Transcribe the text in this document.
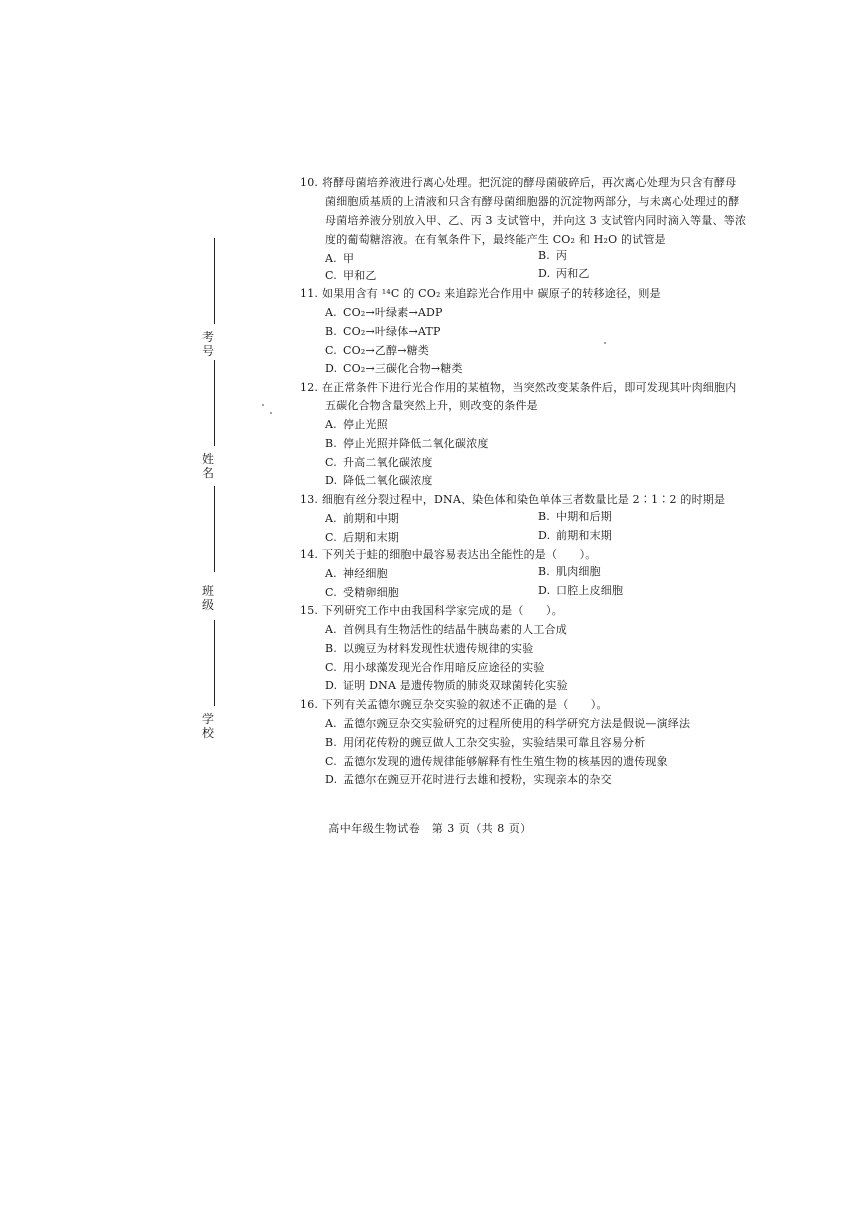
考号
姓名
班级
学校
10. 将酵母菌培养液进行离心处理。把沉淀的酵母菌破碎后，再次离心处理为只含有酵母
菌细胞质基质的上清液和只含有酵母菌细胞器的沉淀物两部分，与未离心处理过的酵
母菌培养液分别放入甲、乙、丙 3 支试管中，并向这 3 支试管内同时滴入等量、等浓
度的葡萄糖溶液。在有氧条件下，最终能产生 CO₂ 和 H₂O 的试管是
A. 甲	B. 丙
C. 甲和乙	D. 丙和乙
11. 如果用含有 ¹⁴C 的 CO₂ 来追踪光合作用中 碳原子的转移途径，则是
A. CO₂→叶绿素→ADP
B. CO₂→叶绿体→ATP
C. CO₂→乙醇→糖类
D. CO₂→三碳化合物→糖类
12. 在正常条件下进行光合作用的某植物，当突然改变某条件后，即可发现其叶肉细胞内
五碳化合物含量突然上升，则改变的条件是
A. 停止光照
B. 停止光照并降低二氧化碳浓度
C. 升高二氧化碳浓度
D. 降低二氧化碳浓度
13. 细胞有丝分裂过程中，DNA、染色体和染色单体三者数量比是 2∶1∶2 的时期是
A. 前期和中期	B. 中期和后期
C. 后期和末期	D. 前期和末期
14. 下列关于蛙的细胞中最容易表达出全能性的是（　　）。
A. 神经细胞	B. 肌肉细胞
C. 受精卵细胞	D. 口腔上皮细胞
15. 下列研究工作中由我国科学家完成的是（　　）。
A. 首例具有生物活性的结晶牛胰岛素的人工合成
B. 以豌豆为材料发现性状遗传规律的实验
C. 用小球藻发现光合作用暗反应途径的实验
D. 证明 DNA 是遗传物质的肺炎双球菌转化实验
16. 下列有关孟德尔豌豆杂交实验的叙述不正确的是（　　）。
A. 孟德尔豌豆杂交实验研究的过程所使用的科学研究方法是假说—演绎法
B. 用闭花传粉的豌豆做人工杂交实验，实验结果可靠且容易分析
C. 孟德尔发现的遗传规律能够解释有性生殖生物的核基因的遗传现象
D. 孟德尔在豌豆开花时进行去雄和授粉，实现亲本的杂交
高中年级生物试卷　第 3 页（共 8 页）
